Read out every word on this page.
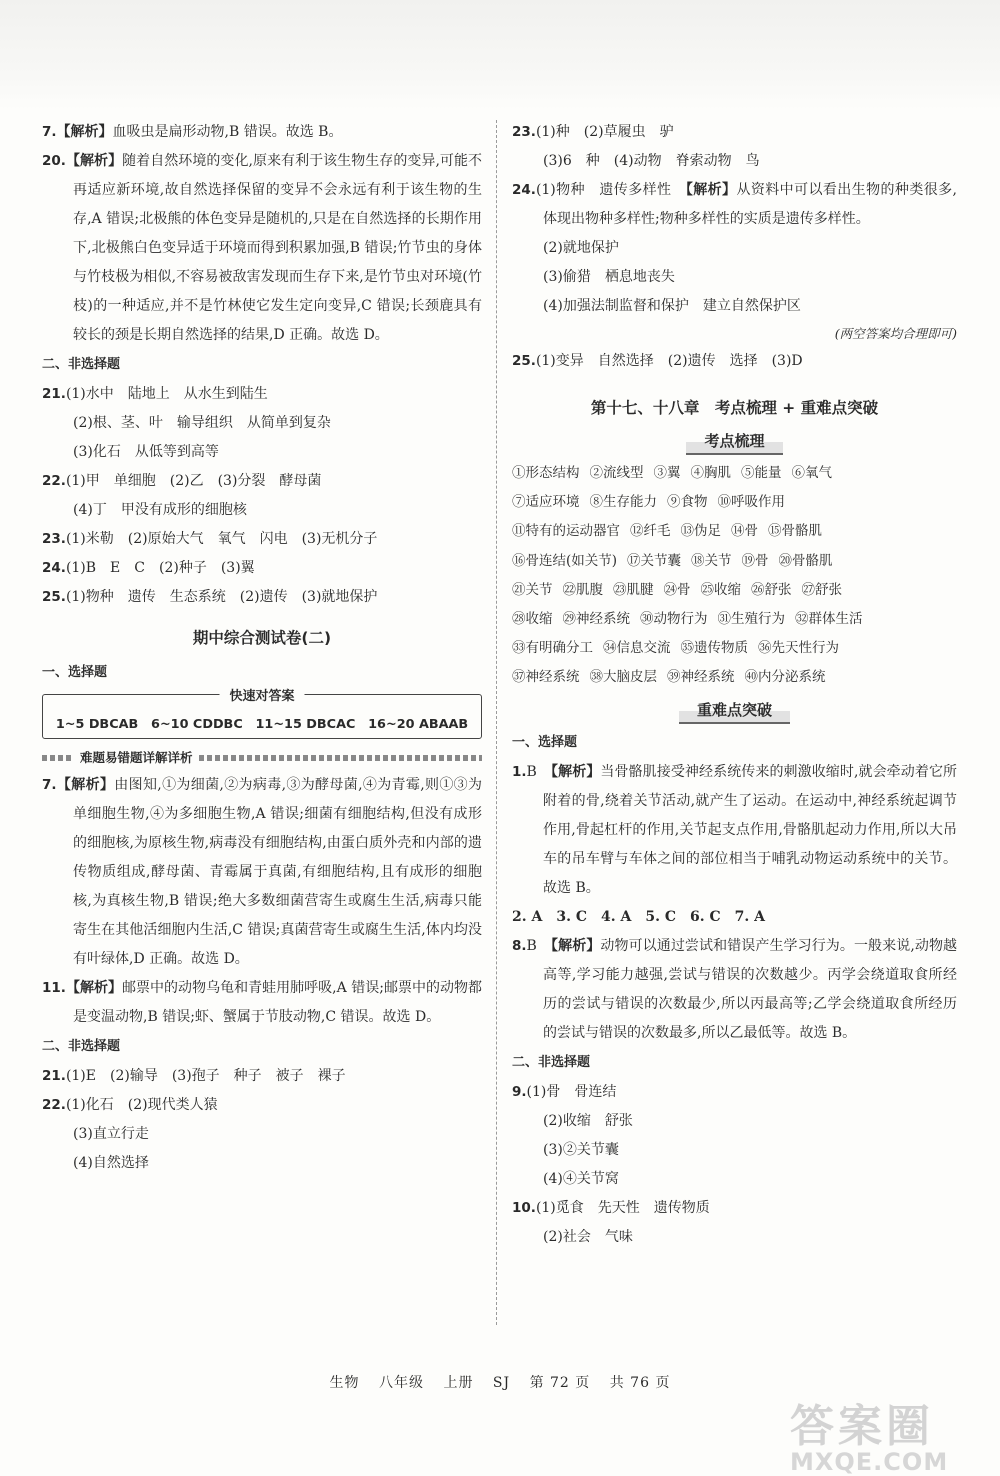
7 . 【 解析 】 血吸虫是扁形动物,B 错误。故选 B。
20 . 【 解析 】 随着自然环境的变化,原来有利于该生物生存的变异,可能不再适应新环境,故自然选择保留的变异不会永远有利于该生物的生存,A 错误;北极熊的体色变异是随机的,只是在自然选择的长期作用下,北极熊白色变异适于环境而得到积累加强,B 错误;竹节虫的身体与竹枝极为相似,不容易被敌害发现而生存下来,是竹节虫对环境(竹枝)的一种适应,并不是竹林使它发生定向变异,C 错误;长颈鹿具有较长的颈是长期自然选择的结果,D 正确。故选 D。

二、非选择题

21 . (1)水中　陆地上　从水生到陆生
(2)根、茎、叶　输导组织　从简单到复杂
(3)化石　从低等到高等
22 . (1)甲　单细胞　(2)乙　(3)分裂　酵母菌
(4)丁　甲没有成形的细胞核
23 . (1)米勒　(2)原始大气　氧气　闪电　(3)无机分子
24 . (1)B　E　C　(2)种子　(3)翼
25 . (1)物种　遗传　生态系统　(2)遗传　(3)就地保护

期中综合测试卷(二)

一、选择题

快速对答案
1~5 DBCAB　6~10 CDDBC　11~15 DBCAC　16~20 ABAAB
难题易错题详解详析
7 . 【 解析 】 由图知,①为细菌,②为病毒,③为酵母菌,④为青霉,则①③为单细胞生物,④为多细胞生物,A 错误;细菌有细胞结构,但没有成形的细胞核,为原核生物,病毒没有细胞结构,由蛋白质外壳和内部的遗传物质组成,酵母菌、青霉属于真菌,有细胞结构,且有成形的细胞核,为真核生物,B 错误;绝大多数细菌营寄生或腐生生活,病毒只能寄生在其他活细胞内生活,C 错误;真菌营寄生或腐生生活,体内均没有叶绿体,D 正确。故选 D。
11 . 【 解析 】 邮票中的动物乌龟和青蛙用肺呼吸,A 错误;邮票中的动物都是变温动物,B 错误;虾、蟹属于节肢动物,C 错误。故选 D。

二、非选择题

21 . (1)E　(2)输导　(3)孢子　种子　被子　裸子
22 . (1)化石　(2)现代类人猿
(3)直立行走
(4)自然选择
23 . (1)种　(2)草履虫　驴
(3)6　种　(4)动物　脊索动物　鸟
24 . (1)物种　遗传多样性　【 解析 】 从资料中可以看出生物的种类很多,体现出物种多样性;物种多样性的实质是遗传多样性。
(2)就地保护
(3)偷猎　栖息地丧失
(4)加强法制监督和保护　建立自然保护区
(两空答案均合理即可)
25 . (1)变异　自然选择　(2)遗传　选择　(3)D

第十七、十八章　考点梳理 + 重难点突破

考点梳理
①形态结构 ②流线型 ③翼 ④胸肌 ⑤能量 ⑥氧气
⑦适应环境 ⑧生存能力 ⑨食物 ⑩呼吸作用
⑪特有的运动器官 ⑫纤毛 ⑬伪足 ⑭骨 ⑮骨骼肌
⑯骨连结(如关节) ⑰关节囊 ⑱关节 ⑲骨 ⑳骨骼肌
㉑关节 ㉒肌腹 ㉓肌腱 ㉔骨 ㉕收缩 ㉖舒张 ㉗舒张
㉘收缩 ㉙神经系统 ㉚动物行为 ㉛生殖行为 ㉜群体生活
㉝有明确分工 ㉞信息交流 ㉟遗传物质 ㊱先天性行为
㊲神经系统 ㊳大脑皮层 ㊴神经系统 ㊵内分泌系统
重难点突破

一、选择题

1 . B　 【 解析 】 当骨骼肌接受神经系统传来的刺激收缩时,就会牵动着它所附着的骨,绕着关节活动,就产生了运动。在运动中,神经系统起调节作用,骨起杠杆的作用,关节起支点作用,骨骼肌起动力作用,所以大吊车的吊车臂与车体之间的部位相当于哺乳动物运动系统中的关节。故选 B。
2. A　3. C　4. A　5. C　6. C　7. A
8 . B　 【 解析 】 动物可以通过尝试和错误产生学习行为。一般来说,动物越高等,学习能力越强,尝试与错误的次数越少。丙学会绕道取食所经历的尝试与错误的次数最少,所以丙最高等;乙学会绕道取食所经历的尝试与错误的次数最多,所以乙最低等。故选 B。

二、非选择题

9 . (1)骨　骨连结
(2)收缩　舒张
(3)②关节囊
(4)④关节窝
10 . (1)觅食　先天性　遗传物质
(2)社会　气味
生物 八年级 上册 SJ 第 72 页 共 76 页
答案圈
MXQE.COM
